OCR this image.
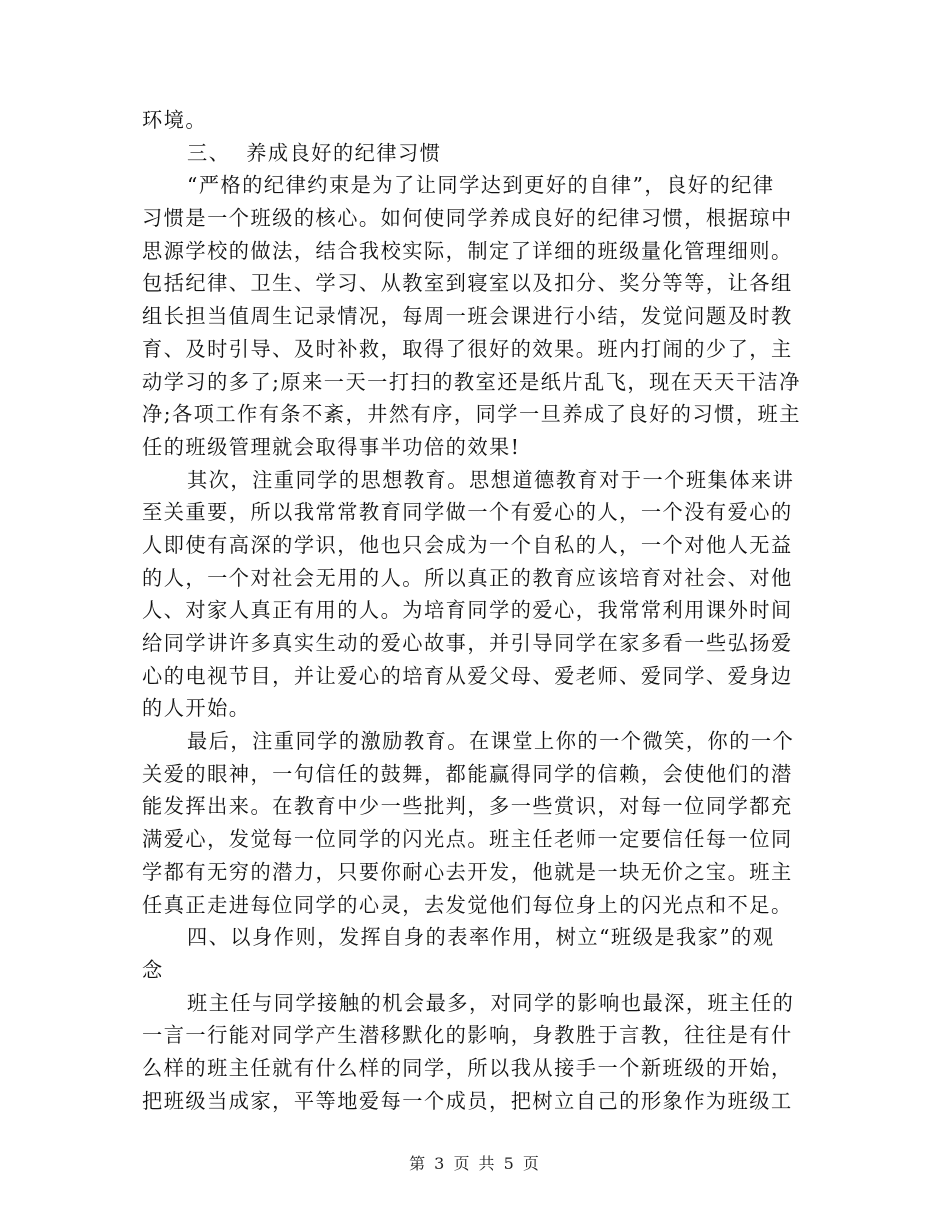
环境。

三、  养成良好的纪律习惯

“严格的纪律约束是为了让同学达到更好的自律”，良好的纪律

习惯是一个班级的核心。如何使同学养成良好的纪律习惯，根据琼中

思源学校的做法，结合我校实际，制定了详细的班级量化管理细则。

包括纪律、卫生、学习、从教室到寝室以及扣分、奖分等等，让各组

组长担当值周生记录情况，每周一班会课进行小结，发觉问题及时教

育、及时引导、及时补救，取得了很好的效果。班内打闹的少了，主

动学习的多了;原来一天一打扫的教室还是纸片乱飞，现在天天干洁净

净;各项工作有条不紊，井然有序，同学一旦养成了良好的习惯，班主

任的班级管理就会取得事半功倍的效果!

其次，注重同学的思想教育。思想道德教育对于一个班集体来讲

至关重要，所以我常常教育同学做一个有爱心的人，一个没有爱心的

人即使有高深的学识，他也只会成为一个自私的人，一个对他人无益

的人，一个对社会无用的人。所以真正的教育应该培育对社会、对他

人、对家人真正有用的人。为培育同学的爱心，我常常利用课外时间

给同学讲许多真实生动的爱心故事，并引导同学在家多看一些弘扬爱

心的电视节目，并让爱心的培育从爱父母、爱老师、爱同学、爱身边

的人开始。

最后，注重同学的激励教育。在课堂上你的一个微笑，你的一个

关爱的眼神，一句信任的鼓舞，都能赢得同学的信赖，会使他们的潜

能发挥出来。在教育中少一些批判，多一些赏识，对每一位同学都充

满爱心，发觉每一位同学的闪光点。班主任老师一定要信任每一位同

学都有无穷的潜力，只要你耐心去开发，他就是一块无价之宝。班主

任真正走进每位同学的心灵，去发觉他们每位身上的闪光点和不足。

四、以身作则，发挥自身的表率作用，树立“班级是我家”的观

念

班主任与同学接触的机会最多，对同学的影响也最深，班主任的

一言一行能对同学产生潜移默化的影响，身教胜于言教，往往是有什

么样的班主任就有什么样的同学，所以我从接手一个新班级的开始，

把班级当成家，平等地爱每一个成员，把树立自己的形象作为班级工

第 3 页 共 5 页
